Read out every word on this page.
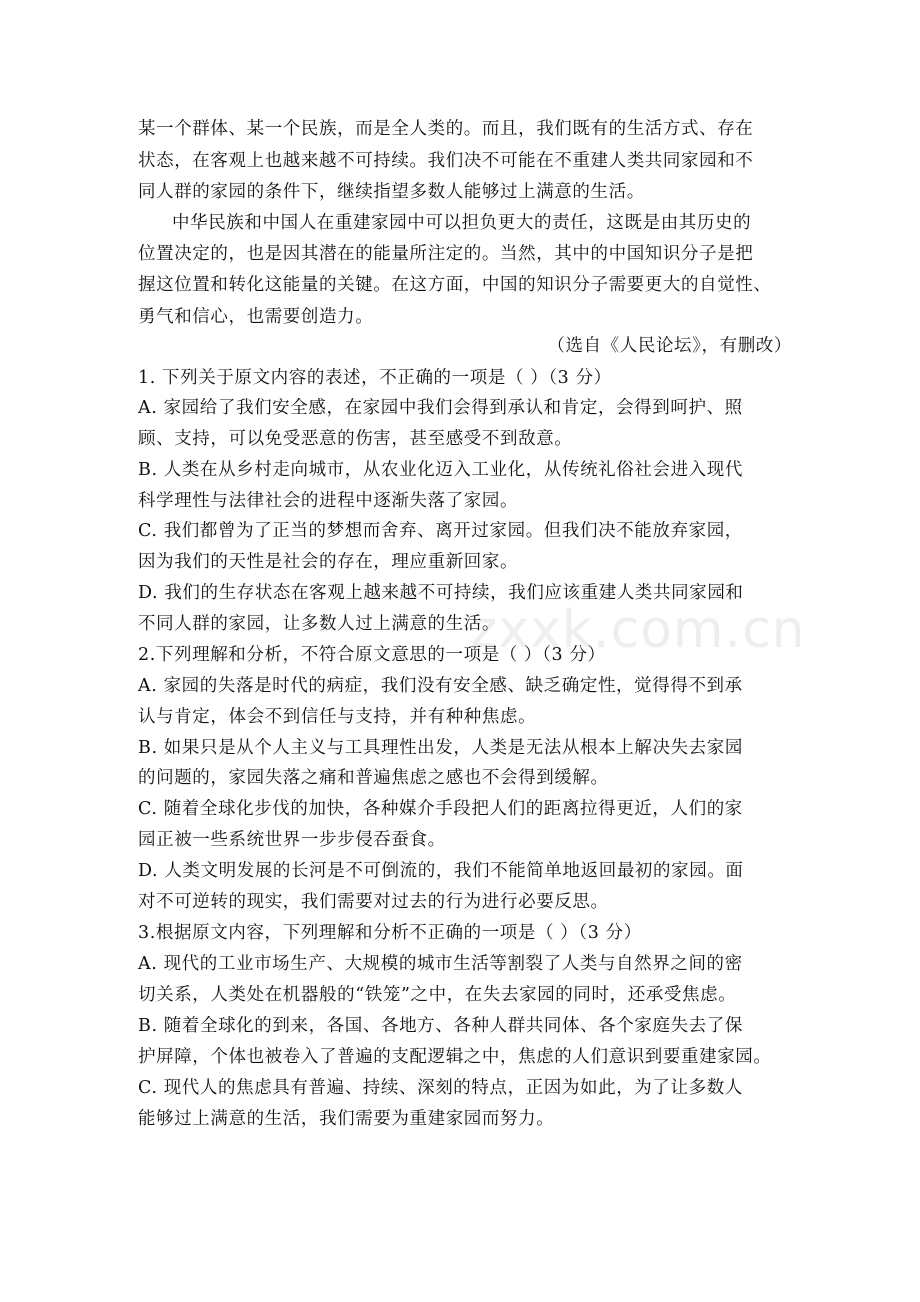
zxxk.com.cn
某一个群体、某一个民族，而是全人类的。而且，我们既有的生活方式、存在
状态，在客观上也越来越不可持续。我们决不可能在不重建人类共同家园和不
同人群的家园的条件下，继续指望多数人能够过上满意的生活。
中华民族和中国人在重建家园中可以担负更大的责任，这既是由其历史的
位置决定的，也是因其潜在的能量所注定的。当然，其中的中国知识分子是把
握这位置和转化这能量的关键。在这方面，中国的知识分子需要更大的自觉性、
勇气和信心，也需要创造力。
（选自《人民论坛》，有删改）
1. 下列关于原文内容的表述，不正确的一项是（ ）（3 分）
A. 家园给了我们安全感，在家园中我们会得到承认和肯定，会得到呵护、照
顾、支持，可以免受恶意的伤害，甚至感受不到敌意。
B. 人类在从乡村走向城市，从农业化迈入工业化，从传统礼俗社会进入现代
科学理性与法律社会的进程中逐渐失落了家园。
C. 我们都曾为了正当的梦想而舍弃、离开过家园。但我们决不能放弃家园，
因为我们的天性是社会的存在，理应重新回家。
D. 我们的生存状态在客观上越来越不可持续，我们应该重建人类共同家园和
不同人群的家园，让多数人过上满意的生活。
2.下列理解和分析，不符合原文意思的一项是（ ）（3 分）
A. 家园的失落是时代的病症，我们没有安全感、缺乏确定性，觉得得不到承
认与肯定，体会不到信任与支持，并有种种焦虑。
B. 如果只是从个人主义与工具理性出发，人类是无法从根本上解决失去家园
的问题的，家园失落之痛和普遍焦虑之感也不会得到缓解。
C. 随着全球化步伐的加快，各种媒介手段把人们的距离拉得更近，人们的家
园正被一些系统世界一步步侵吞蚕食。
D. 人类文明发展的长河是不可倒流的，我们不能简单地返回最初的家园。面
对不可逆转的现实，我们需要对过去的行为进行必要反思。
3.根据原文内容，下列理解和分析不正确的一项是（ ）（3 分）
A. 现代的工业市场生产、大规模的城市生活等割裂了人类与自然界之间的密
切关系，人类处在机器般的“铁笼”之中，在失去家园的同时，还承受焦虑。
B. 随着全球化的到来，各国、各地方、各种人群共同体、各个家庭失去了保
护屏障，个体也被卷入了普遍的支配逻辑之中，焦虑的人们意识到要重建家园。
C. 现代人的焦虑具有普遍、持续、深刻的特点，正因为如此，为了让多数人
能够过上满意的生活，我们需要为重建家园而努力。
